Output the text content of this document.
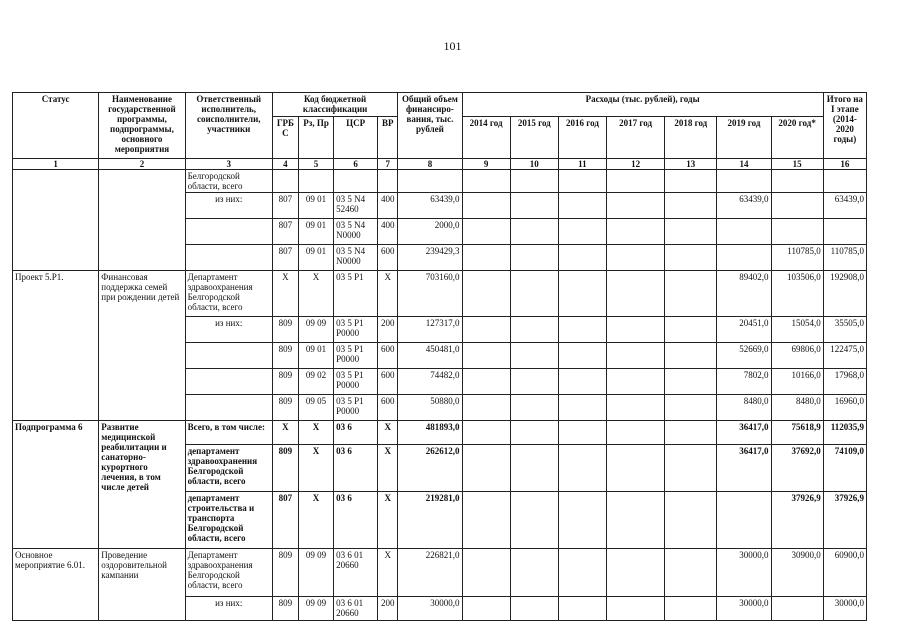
101
Статус	Наименование государственной программы, подпрограммы, основного мероприятия	Ответственный исполнитель, соисполнители, участники	Код бюджетной классификации				Общий объем финансиро-вания, тыс. рублей	Расходы (тыс. рублей), годы							Итого на I этапе (2014-2020 годы)
			ГРБС	Рз, Пр	ЦСР	ВР		2014 год	2015 год	2016 год	2017 год	2018 год	2019 год	2020 год*	
1	2	3	4	5	6	7	8	9	10	11	12	13	14	15	16
		Белгородской области, всего													
		из них:	807	09 01	03 5 N4 52460	400	63439,0						63439,0		63439,0
			807	09 01	03 5 N4 N0000	400	2000,0								
			807	09 01	03 5 N4 N0000	600	239429,3							110785,0	110785,0
Проект 5.P1.	Финансовая поддержка семей при рождении детей	Департамент здравоохранения Белгородской области, всего	Х	Х	03 5 P1	Х	703160,0						89402,0	103506,0	192908,0
		из них:	809	09 09	03 5 P1 P0000	200	127317,0						20451,0	15054,0	35505,0
			809	09 01	03 5 P1 P0000	600	450481,0						52669,0	69806,0	122475,0
			809	09 02	03 5 P1 P0000	600	74482,0						7802,0	10166,0	17968,0
			809	09 05	03 5 P1 P0000	600	50880,0						8480,0	8480,0	16960,0
Подпрограмма 6	Развитие медицинской реабилитации и санаторно-курортного лечения, в том числе детей	Всего, в том числе:	Х	Х	03 6	Х	481893,0						36417,0	75618,9	112035,9
		департамент здравоохранения Белгородской области, всего	809	Х	03 6	Х	262612,0						36417,0	37692,0	74109,0
		департамент строительства и транспорта Белгородской области, всего	807	Х	03 6	Х	219281,0							37926,9	37926,9
Основное мероприятие 6.01.	Проведение оздоровительной кампании	Департамент здравоохранения Белгородской области, всего	809	09 09	03 6 01 20660	Х	226821,0						30000,0	30900,0	60900,0
		из них:	809	09 09	03 6 01 20660	200	30000,0						30000,0		30000,0
